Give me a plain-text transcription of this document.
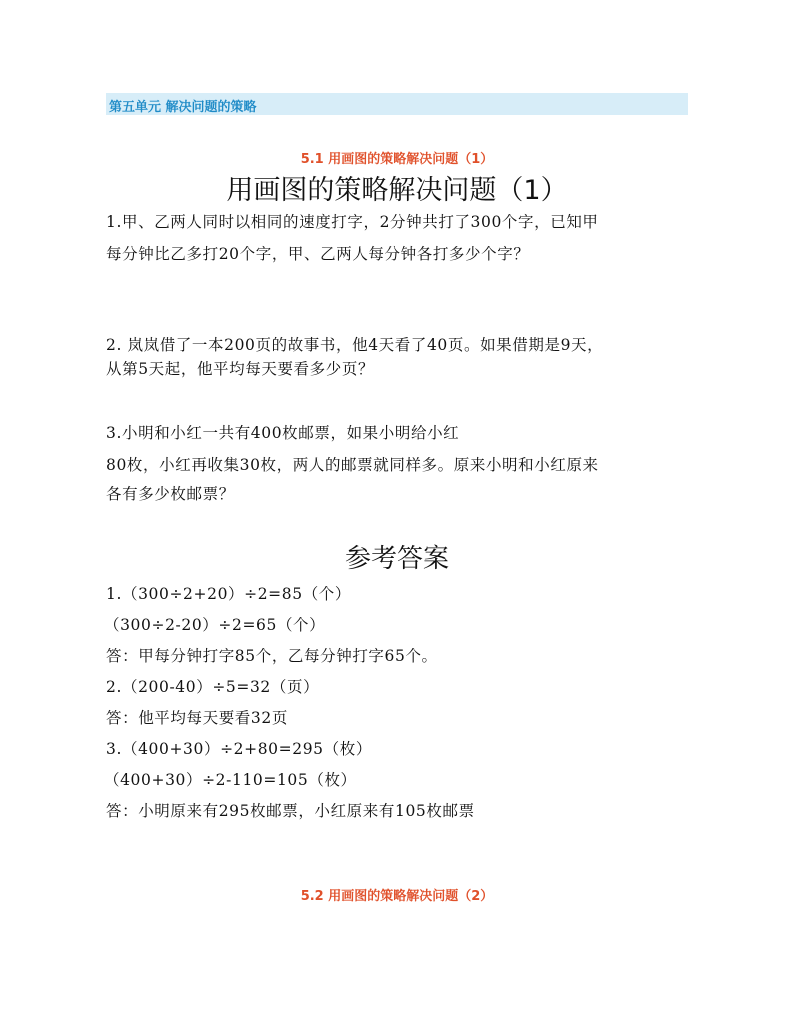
第五单元 解决问题的策略
5.1 用画图的策略解决问题（1）
用画图的策略解决问题（1）
1.甲、乙两人同时以相同的速度打字，2分钟共打了300个字，已知甲
每分钟比乙多打20个字，甲、乙两人每分钟各打多少个字？
2. 岚岚借了一本200页的故事书，他4天看了40页。如果借期是9天，
从第5天起，他平均每天要看多少页？
3.小明和小红一共有400枚邮票，如果小明给小红
80枚，小红再收集30枚，两人的邮票就同样多。原来小明和小红原来
各有多少枚邮票？
参考答案
1.（300÷2+20）÷2=85（个）
（300÷2-20）÷2=65（个）
答：甲每分钟打字85个，乙每分钟打字65个。
2.（200-40）÷5=32（页）
答：他平均每天要看32页
3.（400+30）÷2+80=295（枚）
（400+30）÷2-110=105（枚）
答：小明原来有295枚邮票，小红原来有105枚邮票
5.2 用画图的策略解决问题（2）
